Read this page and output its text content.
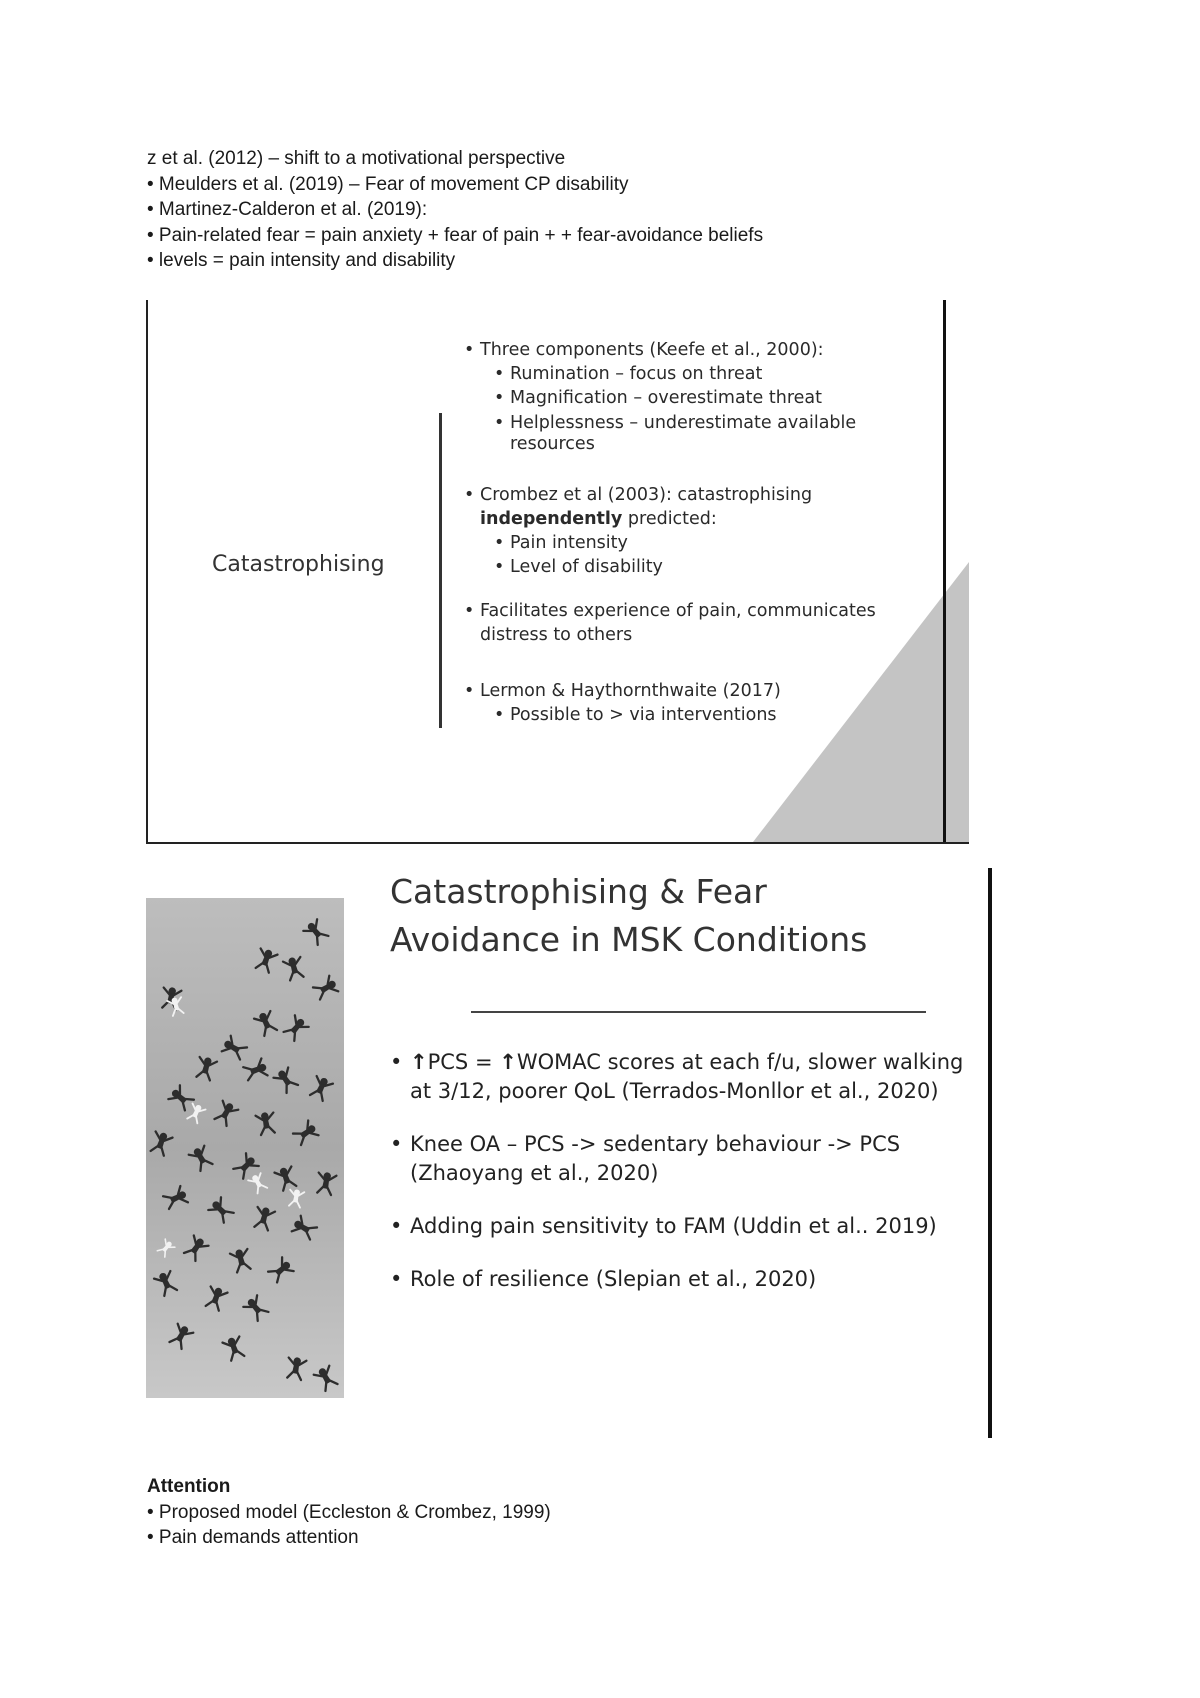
z et al. (2012) – shift to a motivational perspective
• Meulders et al. (2019) – Fear of movement CP disability
• Martinez-Calderon et al. (2019):
• Pain-related fear = pain anxiety + fear of pain + + fear-avoidance beliefs
• levels = pain intensity and disability
Catastrophising
• Three components (Keefe et al., 2000):
• Rumination – focus on threat
• Magnification – overestimate threat
• Helplessness – underestimate available resources
• Crombez et al (2003): catastrophising
independently predicted:
• Pain intensity
• Level of disability
• Facilitates experience of pain, communicates distress to others
• Lermon & Haythornthwaite (2017)
• Possible to > via interventions
Catastrophising & Fear
Avoidance in MSK Conditions
• ↑PCS = ↑WOMAC scores at each f/u, slower walking at 3/12, poorer QoL (Terrados-Monllor et al., 2020)
• Knee OA – PCS -> sedentary behaviour -> PCS (Zhaoyang et al., 2020)
• Adding pain sensitivity to FAM (Uddin et al.. 2019)
• Role of resilience (Slepian et al., 2020)
Attention
• Proposed model (Eccleston & Crombez, 1999)
• Pain demands attention
